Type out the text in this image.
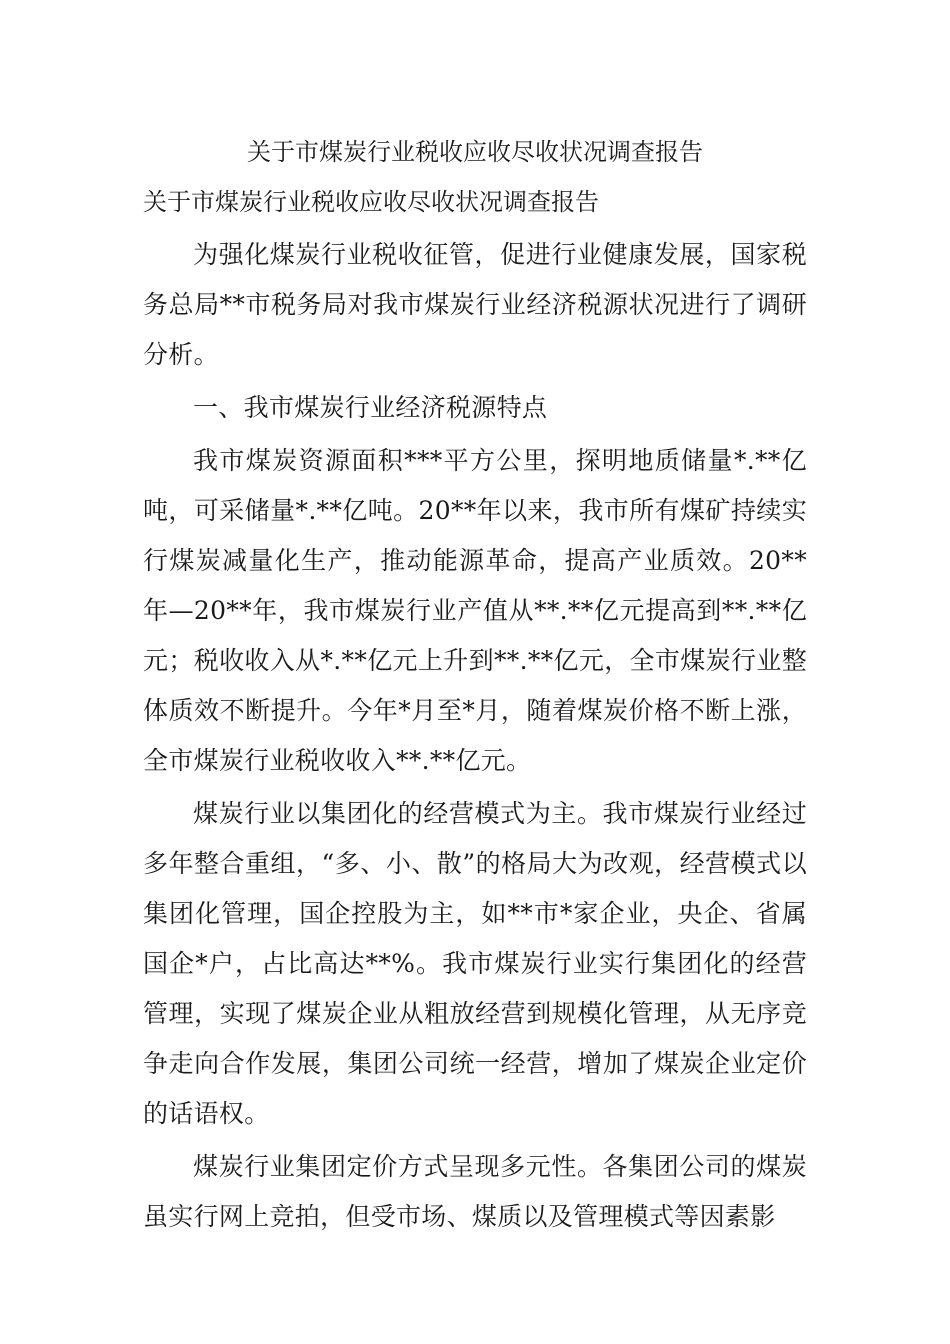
关于市煤炭行业税收应收尽收状况调查报告

关于市煤炭行业税收应收尽收状况调查报告

为强化煤炭行业税收征管，促进行业健康发展，国家税务总局**市税务局对我市煤炭行业经济税源状况进行了调研分析。

一、我市煤炭行业经济税源特点

我市煤炭资源面积***平方公里，探明地质储量*.**亿吨，可采储量*.**亿吨。20**年以来，我市所有煤矿持续实行煤炭减量化生产，推动能源革命，提高产业质效。20**年—20**年，我市煤炭行业产值从**.**亿元提高到**.**亿元；税收收入从*.**亿元上升到**.**亿元，全市煤炭行业整体质效不断提升。今年*月至*月，随着煤炭价格不断上涨，全市煤炭行业税收收入**.**亿元。

煤炭行业以集团化的经营模式为主。我市煤炭行业经过多年整合重组，“多、小、散”的格局大为改观，经营模式以集团化管理，国企控股为主，如**市*家企业，央企、省属国企*户，占比高达**%。我市煤炭行业实行集团化的经营管理，实现了煤炭企业从粗放经营到规模化管理，从无序竞争走向合作发展，集团公司统一经营，增加了煤炭企业定价的话语权。

煤炭行业集团定价方式呈现多元性。各集团公司的煤炭虽实行网上竞拍，但受市场、煤质以及管理模式等因素影
